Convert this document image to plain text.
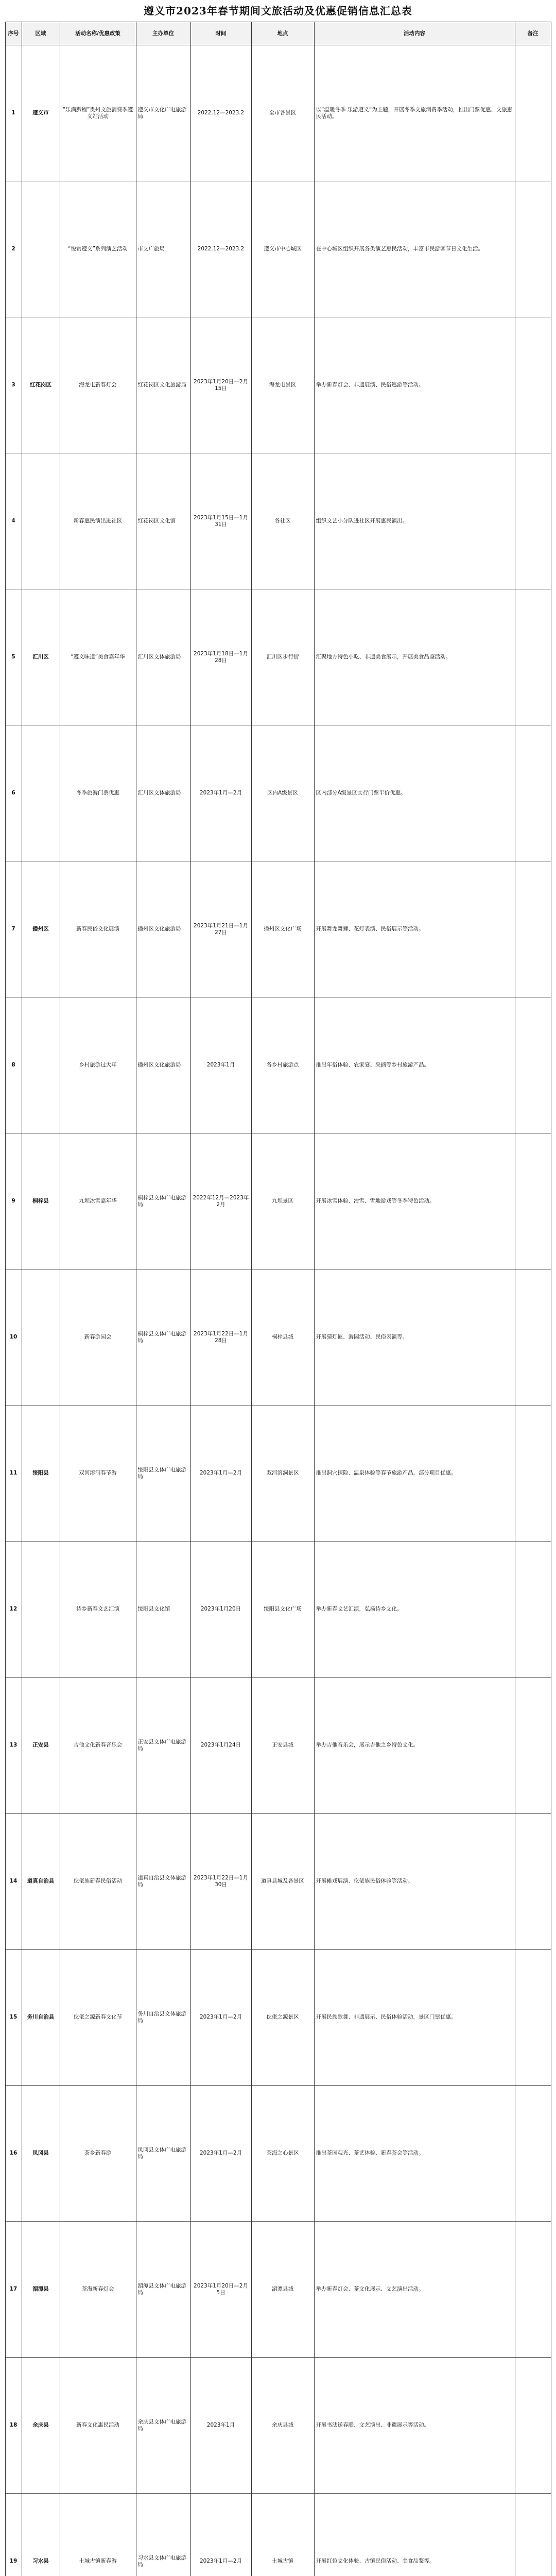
遵义市2023年春节期间文旅活动及优惠促销信息汇总表
序号	区域	活动名称/优惠政策	主办单位	时间	地点	活动内容	备注
1	遵义市	“乐满黔程”贵州文旅消费季遵义站活动	遵义市文化广电旅游局	2022.12—2023.2	全市各景区	以“温暖冬季 乐游遵义”为主题，开展冬季文旅消费季活动，推出门票优惠、文旅惠民活动。	
2		“悦赏遵义”系列演艺活动	市文广旅局	2022.12—2023.2	遵义市中心城区	在中心城区组织开展各类演艺惠民活动，丰富市民游客节日文化生活。	
3	红花岗区	海龙屯新春灯会	红花岗区文化旅游局	2023年1月20日—2月15日	海龙屯景区	举办新春灯会、非遗展演、民俗巡游等活动。	
4		新春惠民演出进社区	红花岗区文化馆	2023年1月15日—1月31日	各社区	组织文艺小分队进社区开展惠民演出。	
5	汇川区	“遵义味道”美食嘉年华	汇川区文体旅游局	2023年1月18日—1月28日	汇川区步行街	汇聚地方特色小吃、非遗美食展示，开展美食品鉴活动。	
6		冬季旅游门票优惠	汇川区文体旅游局	2023年1月—2月	区内A级景区	区内部分A级景区实行门票半价优惠。	
7	播州区	新春民俗文化展演	播州区文化旅游局	2023年1月21日—1月27日	播州区文化广场	开展舞龙舞狮、花灯表演、民俗展示等活动。	
8		乡村旅游过大年	播州区文化旅游局	2023年1月	各乡村旅游点	推出年俗体验、农家宴、采摘等乡村旅游产品。	
9	桐梓县	九坝冰雪嘉年华	桐梓县文体广电旅游局	2022年12月—2023年2月	九坝景区	开展冰雪体验、滑雪、雪地游戏等冬季特色活动。	
10		新春游园会	桐梓县文体广电旅游局	2023年1月22日—1月28日	桐梓县城	开展猜灯谜、游园活动、民俗表演等。	
11	绥阳县	双河溶洞春节游	绥阳县文体广电旅游局	2023年1月—2月	双河溶洞景区	推出洞穴探险、温泉体验等春节旅游产品，部分项目优惠。	
12		诗乡新春文艺汇演	绥阳县文化馆	2023年1月20日	绥阳县文化广场	举办新春文艺汇演，弘扬诗乡文化。	
13	正安县	吉他文化新春音乐会	正安县文体广电旅游局	2023年1月24日	正安县城	举办吉他音乐会，展示吉他之乡特色文化。	
14	道真自治县	仡佬族新春民俗活动	道真自治县文体旅游局	2023年1月22日—1月30日	道真县城及各景区	开展傩戏展演、仡佬族民俗体验等活动。	
15	务川自治县	仡佬之源新春文化节	务川自治县文体旅游局	2023年1月—2月	仡佬之源景区	开展民族歌舞、非遗展示、民俗体验活动，景区门票优惠。	
16	凤冈县	茶乡新春游	凤冈县文体广电旅游局	2023年1月—2月	茶海之心景区	推出茶园观光、茶艺体验、新春茶会等活动。	
17	湄潭县	茶海新春灯会	湄潭县文体广电旅游局	2023年1月20日—2月5日	湄潭县城	举办新春灯会、茶文化展示、文艺演出活动。	
18	余庆县	新春文化惠民活动	余庆县文体广电旅游局	2023年1月	余庆县城	开展书法送春联、文艺演出、非遗展示等活动。	
19	习水县	土城古镇新春游	习水县文体广电旅游局	2023年1月—2月	土城古镇	开展红色文化体验、古镇民俗活动、美食品鉴等。	
